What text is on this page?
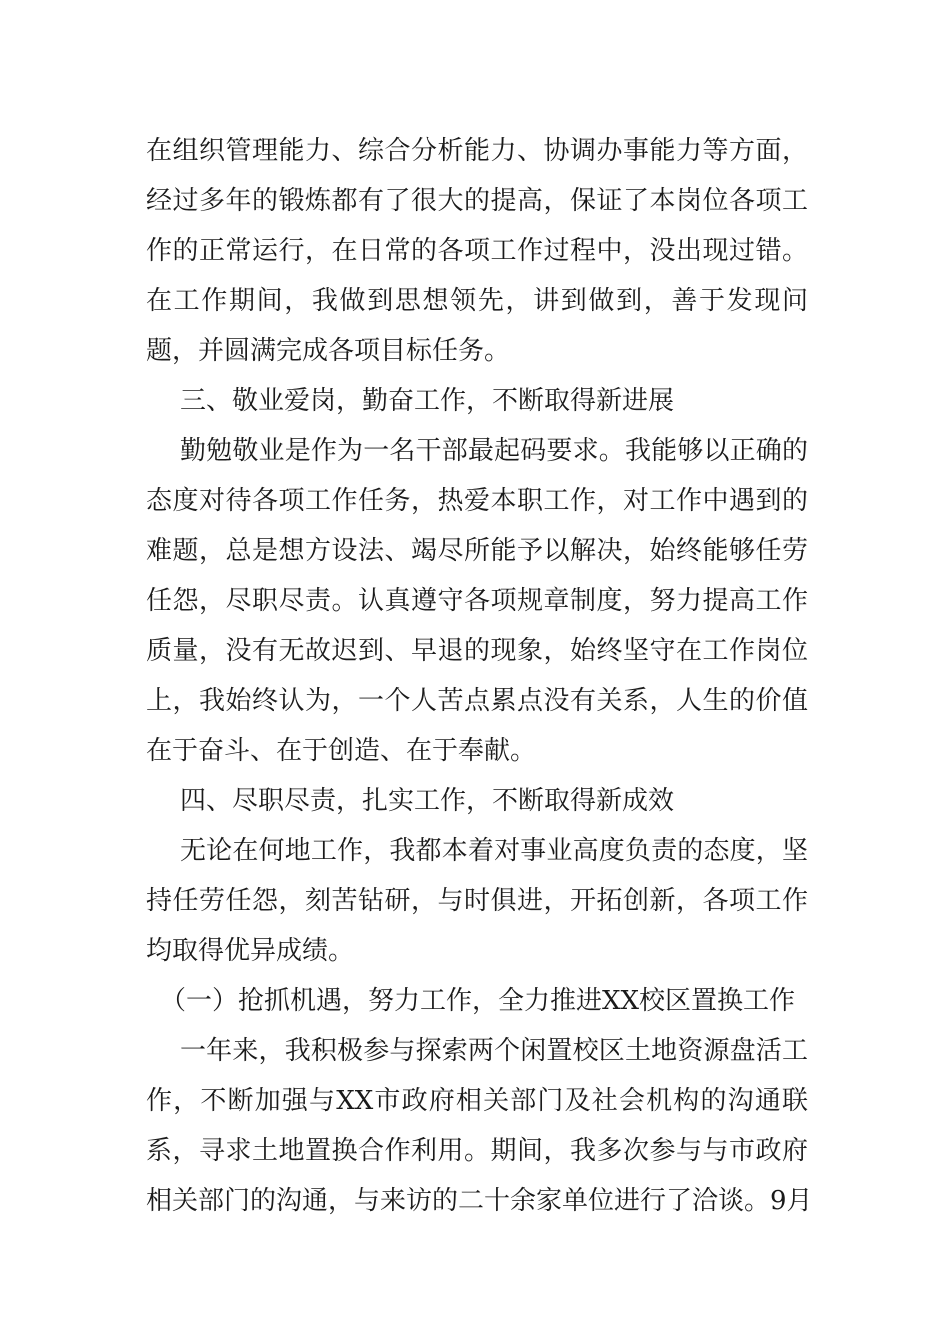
在组织管理能力、综合分析能力、协调办事能力等方面，
经过多年的锻炼都有了很大的提高，保证了本岗位各项工
作的正常运行，在日常的各项工作过程中，没出现过错。
在工作期间，我做到思想领先，讲到做到，善于发现问
题，并圆满完成各项目标任务。
三、敬业爱岗，勤奋工作，不断取得新进展
勤勉敬业是作为一名干部最起码要求。我能够以正确的
态度对待各项工作任务，热爱本职工作，对工作中遇到的
难题，总是想方设法、竭尽所能予以解决，始终能够任劳
任怨，尽职尽责。认真遵守各项规章制度，努力提高工作
质量，没有无故迟到、早退的现象，始终坚守在工作岗位
上，我始终认为，一个人苦点累点没有关系，人生的价值
在于奋斗、在于创造、在于奉献。
四、尽职尽责，扎实工作，不断取得新成效
无论在何地工作，我都本着对事业高度负责的态度，坚
持任劳任怨，刻苦钻研，与时俱进，开拓创新，各项工作
均取得优异成绩。
（一）抢抓机遇，努力工作，全力推进XX校区置换工作
一年来，我积极参与探索两个闲置校区土地资源盘活工
作，不断加强与XX市政府相关部门及社会机构的沟通联
系，寻求土地置换合作利用。期间，我多次参与与市政府
相关部门的沟通，与来访的二十余家单位进行了洽谈。9月
